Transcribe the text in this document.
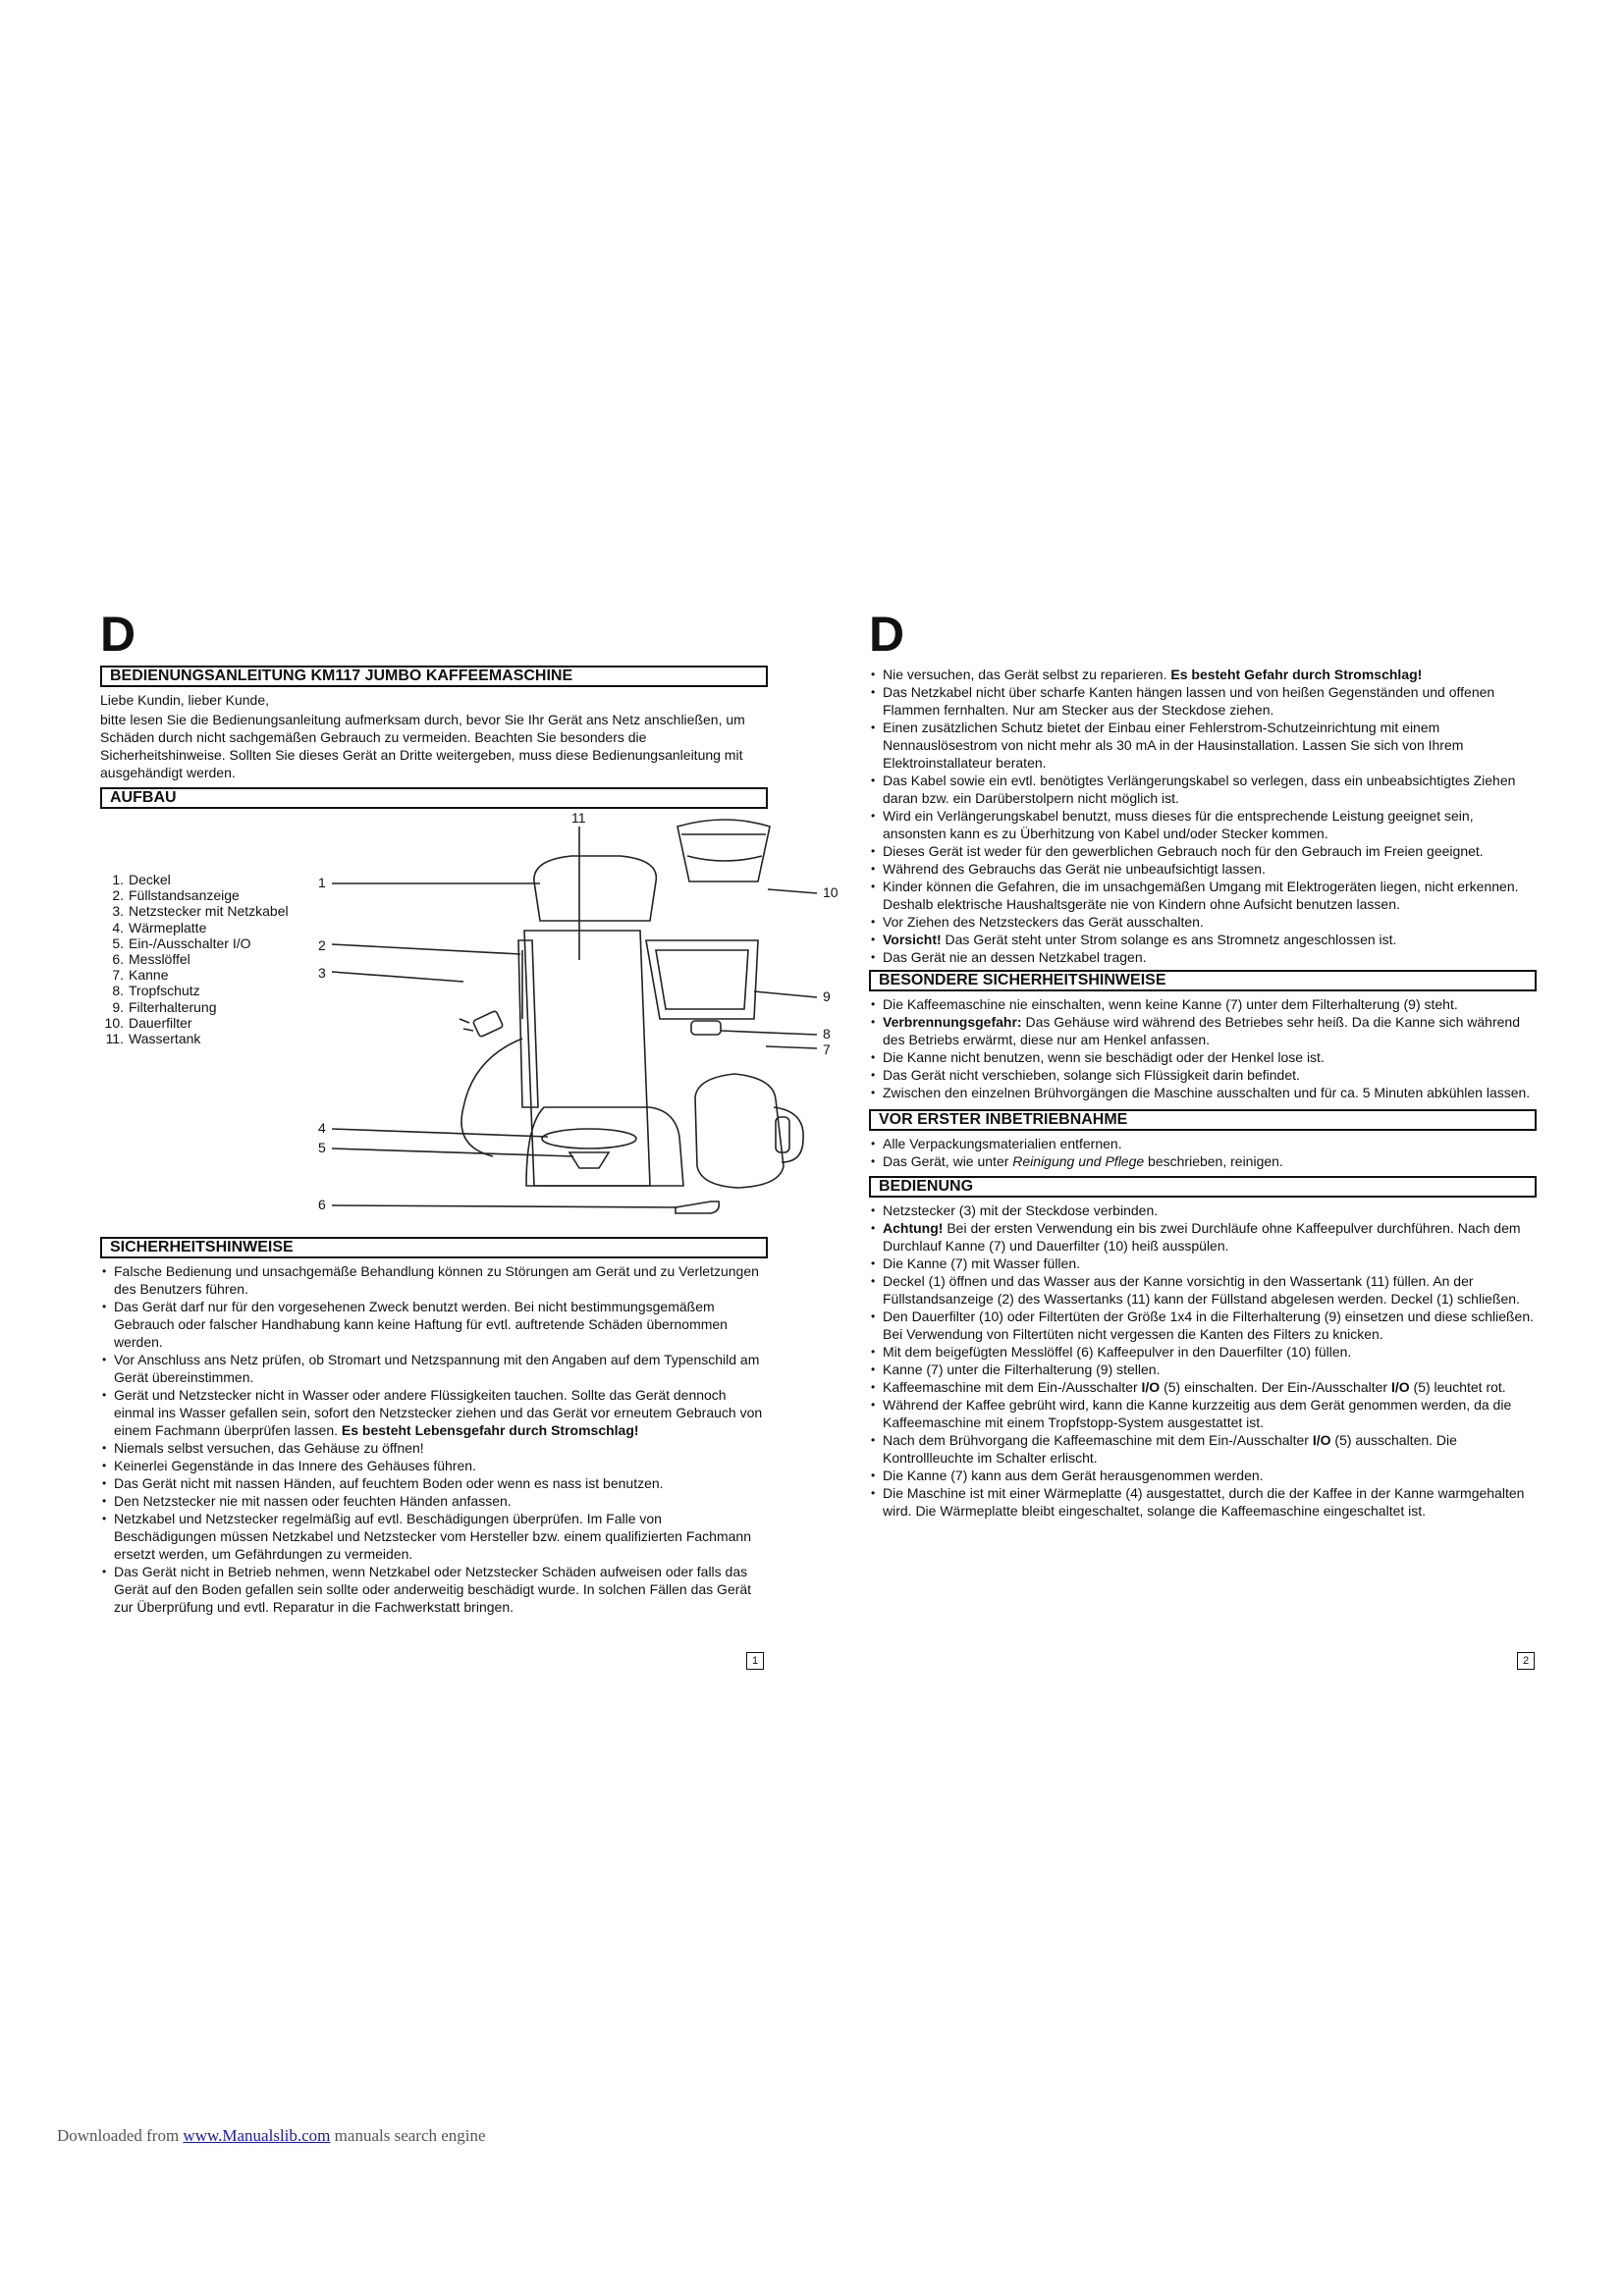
D
BEDIENUNGSANLEITUNG KM117 JUMBO KAFFEEMASCHINE

Liebe Kundin, lieber Kunde,

bitte lesen Sie die Bedienungsanleitung aufmerksam durch, bevor Sie Ihr Gerät ans Netz anschließen, um Schäden durch nicht sachgemäßen Gebrauch zu vermeiden. Beachten Sie besonders die Sicherheitshinweise. Sollten Sie dieses Gerät an Dritte weitergeben, muss diese Bedienungsanleitung mit ausgehändigt werden.

AUFBAU
1. Deckel
2. Füllstandsanzeige
3. Netzstecker mit Netzkabel
4. Wärmeplatte
5. Ein-/Ausschalter I/O
6. Messlöffel
7. Kanne
8. Tropfschutz
9. Filterhalterung
10. Dauerfilter
11. Wassertank
1
2
3
4
5
6
7
8
9
10
11
SICHERHEITSHINWEISE
• Falsche Bedienung und unsachgemäße Behandlung können zu Störungen am Gerät und zu Verletzungen des Benutzers führen.
• Das Gerät darf nur für den vorgesehenen Zweck benutzt werden. Bei nicht bestimmungsgemäßem Gebrauch oder falscher Handhabung kann keine Haftung für evtl. auftretende Schäden übernommen werden.
• Vor Anschluss ans Netz prüfen, ob Stromart und Netzspannung mit den Angaben auf dem Typenschild am Gerät übereinstimmen.
• Gerät und Netzstecker nicht in Wasser oder andere Flüssigkeiten tauchen. Sollte das Gerät dennoch einmal ins Wasser gefallen sein, sofort den Netzstecker ziehen und das Gerät vor erneutem Gebrauch von einem Fachmann überprüfen lassen. Es besteht Lebensgefahr durch Stromschlag!
• Niemals selbst versuchen, das Gehäuse zu öffnen!
• Keinerlei Gegenstände in das Innere des Gehäuses führen.
• Das Gerät nicht mit nassen Händen, auf feuchtem Boden oder wenn es nass ist benutzen.
• Den Netzstecker nie mit nassen oder feuchten Händen anfassen.
• Netzkabel und Netzstecker regelmäßig auf evtl. Beschädigungen überprüfen. Im Falle von Beschädigungen müssen Netzkabel und Netzstecker vom Hersteller bzw. einem qualifizierten Fachmann ersetzt werden, um Gefährdungen zu vermeiden.
• Das Gerät nicht in Betrieb nehmen, wenn Netzkabel oder Netzstecker Schäden aufweisen oder falls das Gerät auf den Boden gefallen sein sollte oder anderweitig beschädigt wurde. In solchen Fällen das Gerät zur Überprüfung und evtl. Reparatur in die Fachwerkstatt bringen.
1
D
• Nie versuchen, das Gerät selbst zu reparieren. Es besteht Gefahr durch Stromschlag!
• Das Netzkabel nicht über scharfe Kanten hängen lassen und von heißen Gegenständen und offenen Flammen fernhalten. Nur am Stecker aus der Steckdose ziehen.
• Einen zusätzlichen Schutz bietet der Einbau einer Fehlerstrom-Schutzeinrichtung mit einem Nennauslösestrom von nicht mehr als 30 mA in der Hausinstallation. Lassen Sie sich von Ihrem Elektroinstallateur beraten.
• Das Kabel sowie ein evtl. benötigtes Verlängerungskabel so verlegen, dass ein unbeabsichtigtes Ziehen daran bzw. ein Darüberstolpern nicht möglich ist.
• Wird ein Verlängerungskabel benutzt, muss dieses für die entsprechende Leistung geeignet sein, ansonsten kann es zu Überhitzung von Kabel und/oder Stecker kommen.
• Dieses Gerät ist weder für den gewerblichen Gebrauch noch für den Gebrauch im Freien geeignet.
• Während des Gebrauchs das Gerät nie unbeaufsichtigt lassen.
• Kinder können die Gefahren, die im unsachgemäßen Umgang mit Elektrogeräten liegen, nicht erkennen. Deshalb elektrische Haushaltsgeräte nie von Kindern ohne Aufsicht benutzen lassen.
• Vor Ziehen des Netzsteckers das Gerät ausschalten.
• Vorsicht! Das Gerät steht unter Strom solange es ans Stromnetz angeschlossen ist.
• Das Gerät nie an dessen Netzkabel tragen.
BESONDERE SICHERHEITSHINWEISE
• Die Kaffeemaschine nie einschalten, wenn keine Kanne (7) unter dem Filterhalterung (9) steht.
• Verbrennungsgefahr: Das Gehäuse wird während des Betriebes sehr heiß. Da die Kanne sich während des Betriebs erwärmt, diese nur am Henkel anfassen.
• Die Kanne nicht benutzen, wenn sie beschädigt oder der Henkel lose ist.
• Das Gerät nicht verschieben, solange sich Flüssigkeit darin befindet.
• Zwischen den einzelnen Brühvorgängen die Maschine ausschalten und für ca. 5 Minuten abkühlen lassen.
VOR ERSTER INBETRIEBNAHME
• Alle Verpackungsmaterialien entfernen.
• Das Gerät, wie unter Reinigung und Pflege beschrieben, reinigen.
BEDIENUNG
• Netzstecker (3) mit der Steckdose verbinden.
• Achtung! Bei der ersten Verwendung ein bis zwei Durchläufe ohne Kaffeepulver durchführen. Nach dem Durchlauf Kanne (7) und Dauerfilter (10) heiß ausspülen.
• Die Kanne (7) mit Wasser füllen.
• Deckel (1) öffnen und das Wasser aus der Kanne vorsichtig in den Wassertank (11) füllen. An der Füllstandsanzeige (2) des Wassertanks (11) kann der Füllstand abgelesen werden. Deckel (1) schließen.
• Den Dauerfilter (10) oder Filtertüten der Größe 1x4 in die Filterhalterung (9) einsetzen und diese schließen. Bei Verwendung von Filtertüten nicht vergessen die Kanten des Filters zu knicken.
• Mit dem beigefügten Messlöffel (6) Kaffeepulver in den Dauerfilter (10) füllen.
• Kanne (7) unter die Filterhalterung (9) stellen.
• Kaffeemaschine mit dem Ein-/Ausschalter I/O (5) einschalten. Der Ein-/Ausschalter I/O (5) leuchtet rot.
• Während der Kaffee gebrüht wird, kann die Kanne kurzzeitig aus dem Gerät genommen werden, da die Kaffeemaschine mit einem Tropfstopp-System ausgestattet ist.
• Nach dem Brühvorgang die Kaffeemaschine mit dem Ein-/Ausschalter I/O (5) ausschalten. Die Kontrollleuchte im Schalter erlischt.
• Die Kanne (7) kann aus dem Gerät herausgenommen werden.
• Die Maschine ist mit einer Wärmeplatte (4) ausgestattet, durch die der Kaffee in der Kanne warmgehalten wird. Die Wärmeplatte bleibt eingeschaltet, solange die Kaffeemaschine eingeschaltet ist.
2
Downloaded from www.Manualslib.com manuals search engine
